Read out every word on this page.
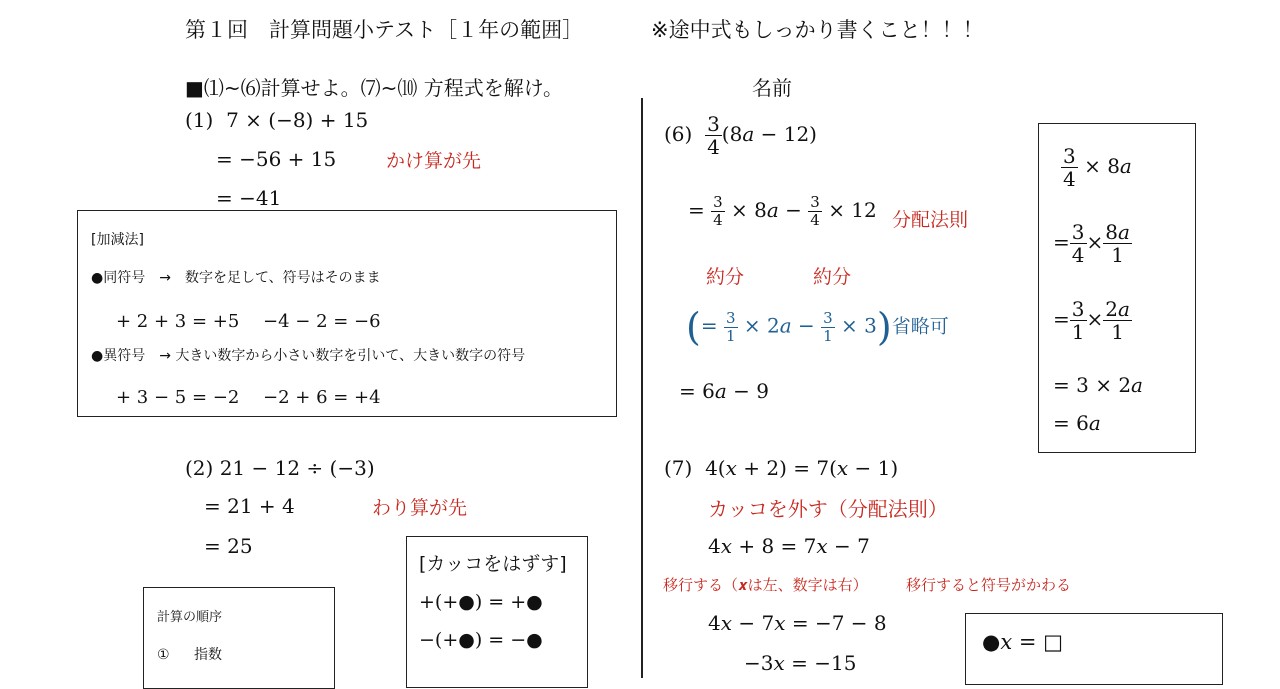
第１回　計算問題小テスト［１年の範囲］	※途中式もしっかり書くこと！！！
■⑴~⑹計算せよ。⑺~⑽ 方程式を解け。	名前
(1) 7 × (−8) + 15
= −56 + 15	かけ算が先
= −41
[加減法]
●同符号　→　数字を足して、符号はそのまま
+ 2 + 3 = +5　 −4 − 2 = −6
●異符号　→ 大きい数字から小さい数字を引いて、大きい数字の符号
+ 3 − 5 = −2　 −2 + 6 = +4
(2) 21 − 12 ÷ (−3)
= 21 + 4	わり算が先
= 25
[カッコをはずす]
+(+●) = +●
−(+●) = −●
計算の順序
① 指数
$(6) \frac{3}{4}$ (8𝑎 − 12)
= $\frac{3}{4}$ × 8𝑎 − $\frac{3}{4} \times 12$ 分配法則
約分	約分
(= $\frac{3}{1}$ × 2𝑎 − $\frac{3}{1} \times 3$)省略可
= 6𝑎 − 9
$\frac{3}{4}$ × 8𝑎
= $\frac{3}{4} \times \frac{\text{8𝑎}}{1}$
= $\frac{3}{1} \times \frac{\text{2𝑎}}{1}$
= 3 × 2𝑎
= 6𝑎
(7) 4(𝑥 + 2) = 7(𝑥 − 1)
カッコを外す（分配法則）
4𝑥 + 8 = 7𝑥 − 7
移行する（𝒙は左、数字は右）	移行すると符号がかわる
4𝑥 − 7𝑥 = −7 − 8
−3𝑥 = −15
●𝑥 = □
